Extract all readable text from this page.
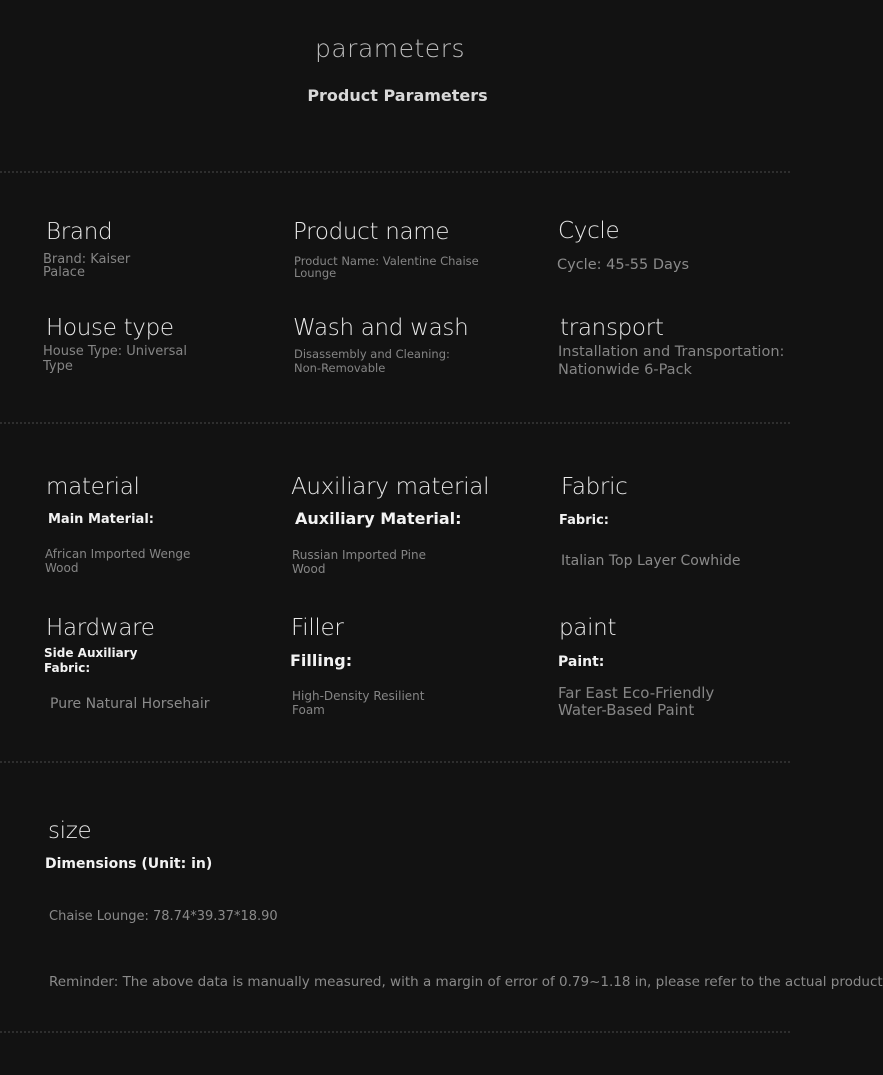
parameters
Product Parameters
Brand
Brand: Kaiser Palace
Product name
Product Name: Valentine Chaise Lounge
Cycle
Cycle: 45-55 Days
House type
House Type: Universal Type
Wash and wash
Disassembly and Cleaning: Non-Removable
transport
Installation and Transportation: Nationwide 6-Pack
material
Main Material:
African Imported Wenge Wood
Auxiliary material
Auxiliary Material:
Russian Imported Pine Wood
Fabric
Fabric:
Italian Top Layer Cowhide
Hardware
Side Auxiliary Fabric:
Pure Natural Horsehair
Filler
Filling:
High-Density Resilient Foam
paint
Paint:
Far East Eco-Friendly Water-Based Paint
size
Dimensions (Unit: in)
Chaise Lounge: 78.74*39.37*18.90
Reminder: The above data is manually measured, with a margin of error of 0.79~1.18 in, please refer to the actual product
